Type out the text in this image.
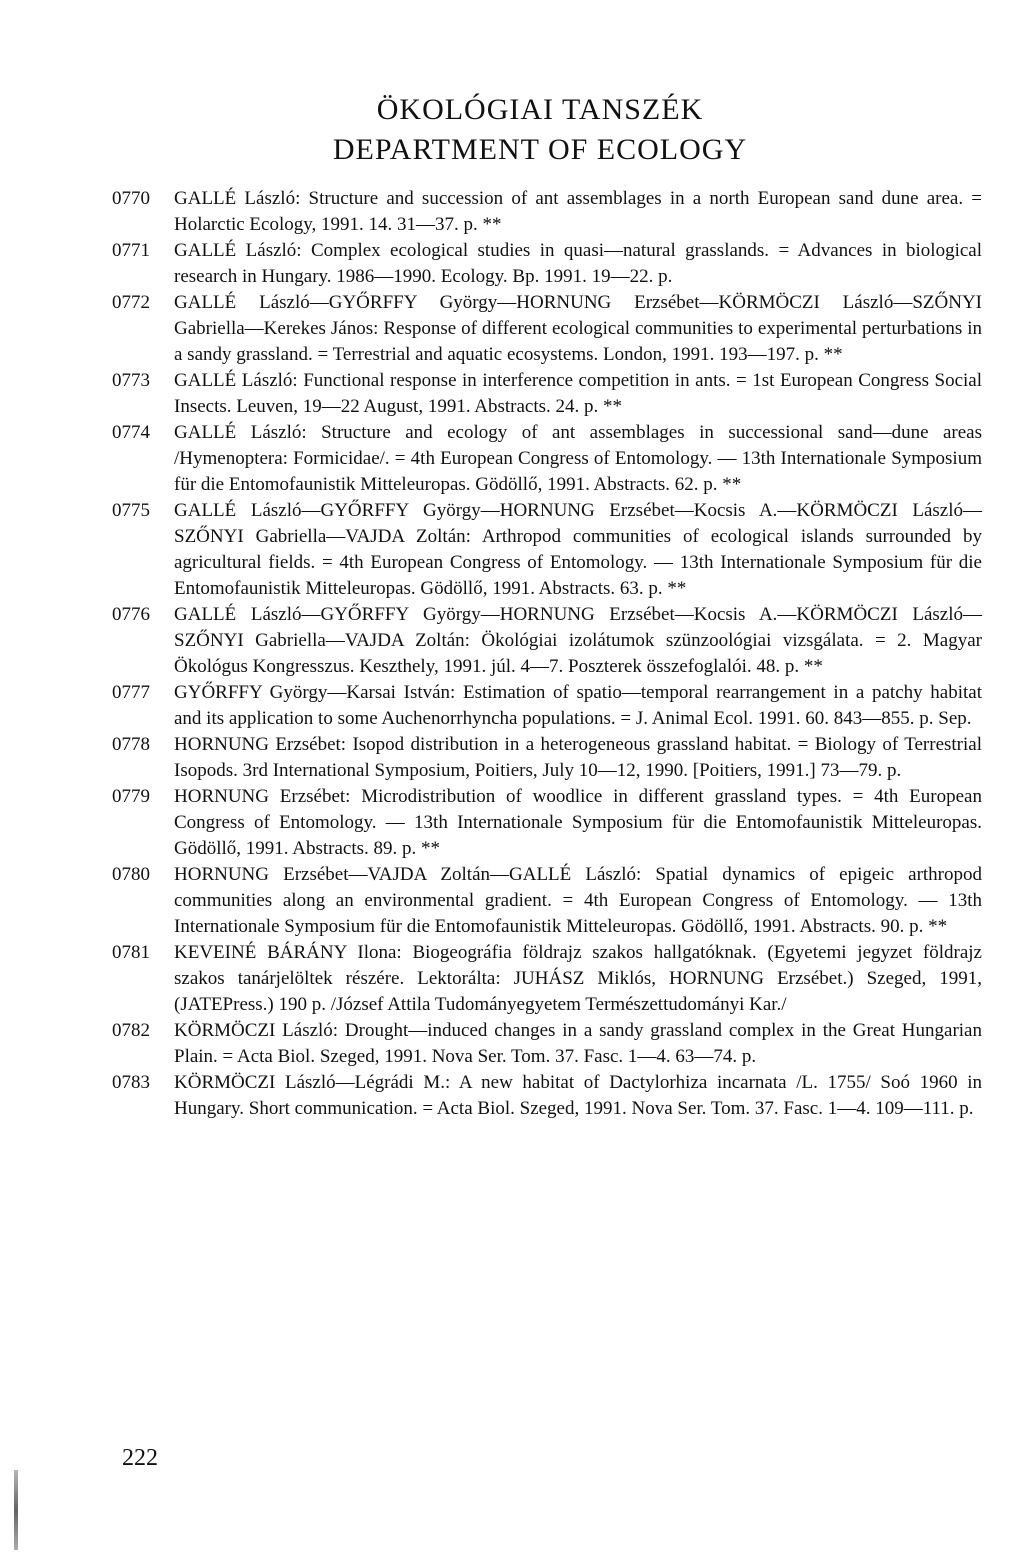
ÖKOLÓGIAI TANSZÉK
DEPARTMENT OF ECOLOGY
0770	GALLÉ László: Structure and succession of ant assemblages in a north European sand dune area. = Holarctic Ecology, 1991. 14. 31—37. p. **
0771	GALLÉ László: Complex ecological studies in quasi—natural grasslands. = Advances in biological research in Hungary. 1986—1990. Ecology. Bp. 1991. 19—22. p.
0772	GALLÉ László—GYŐRFFY György—HORNUNG Erzsébet—KÖRMÖCZI László—SZŐNYI Gabriella—Kerekes János: Response of different ecological communities to experimental perturbations in a sandy grassland. = Terrestrial and aquatic ecosystems. London, 1991. 193—197. p. **
0773	GALLÉ László: Functional response in interference competition in ants. = 1st European Congress Social Insects. Leuven, 19—22 August, 1991. Abstracts. 24. p. **
0774	GALLÉ László: Structure and ecology of ant assemblages in successional sand—dune areas /Hymenoptera: Formicidae/. = 4th European Congress of Entomology. — 13th Internationale Symposium für die Entomofaunistik Mitteleuropas. Gödöllő, 1991. Abstracts. 62. p. **
0775	GALLÉ László—GYŐRFFY György—HORNUNG Erzsébet—Kocsis A.—KÖRMÖCZI László—SZŐNYI Gabriella—VAJDA Zoltán: Arthropod communities of ecological islands surrounded by agricultural fields. = 4th European Congress of Entomology. — 13th Internationale Symposium für die Entomofaunistik Mitteleuropas. Gödöllő, 1991. Abstracts. 63. p. **
0776	GALLÉ László—GYŐRFFY György—HORNUNG Erzsébet—Kocsis A.—KÖRMÖCZI László—SZŐNYI Gabriella—VAJDA Zoltán: Ökológiai izolátumok szünzoológiai vizsgálata. = 2. Magyar Ökológus Kongresszus. Keszthely, 1991. júl. 4—7. Poszterek összefoglalói. 48. p. **
0777	GYŐRFFY György—Karsai István: Estimation of spatio—temporal rearrangement in a patchy habitat and its application to some Auchenorrhyncha populations. = J. Animal Ecol. 1991. 60. 843—855. p. Sep.
0778	HORNUNG Erzsébet: Isopod distribution in a heterogeneous grassland habitat. = Biology of Terrestrial Isopods. 3rd International Symposium, Poitiers, July 10—12, 1990. [Poitiers, 1991.] 73—79. p.
0779	HORNUNG Erzsébet: Microdistribution of woodlice in different grassland types. = 4th European Congress of Entomology. — 13th Internationale Symposium für die Entomofaunistik Mitteleuropas. Gödöllő, 1991. Abstracts. 89. p. **
0780	HORNUNG Erzsébet—VAJDA Zoltán—GALLÉ László: Spatial dynamics of epigeic arthropod communities along an environmental gradient. = 4th European Congress of Entomology. — 13th Internationale Symposium für die Entomofaunistik Mitteleuropas. Gödöllő, 1991. Abstracts. 90. p. **
0781	KEVEINÉ BÁRÁNY Ilona: Biogeográfia földrajz szakos hallgatóknak. (Egyetemi jegyzet földrajz szakos tanárjelöltek részére. Lektorálta: JUHÁSZ Miklós, HORNUNG Erzsébet.) Szeged, 1991, (JATEPress.) 190 p. /József Attila Tudományegyetem Természettudományi Kar./
0782	KÖRMÖCZI László: Drought—induced changes in a sandy grassland complex in the Great Hungarian Plain. = Acta Biol. Szeged, 1991. Nova Ser. Tom. 37. Fasc. 1—4. 63—74. p.
0783	KÖRMÖCZI László—Légrádi M.: A new habitat of Dactylorhiza incarnata /L. 1755/ Soó 1960 in Hungary. Short communication. = Acta Biol. Szeged, 1991. Nova Ser. Tom. 37. Fasc. 1—4. 109—111. p.
222
